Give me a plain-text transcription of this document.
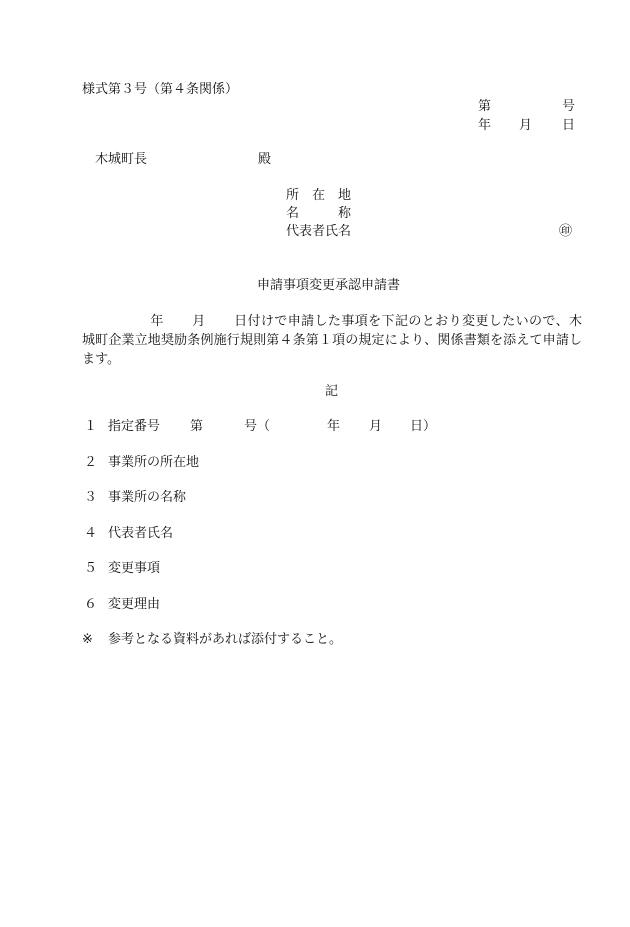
様式第３号（第４条関係）
第	号
年 月 日
木城町長	殿
所　在　地
名　　　称
代表者氏名	㊞
申請事項変更承認申請書
年 月 日付けで申請した事項を下記のとおり変更したいので、木城町企業立地奨励条例施行規則第４条第１項の規定により、関係書類を添えて申請します。
記
１ 指定番号 第	号（	年 月 日）
２ 事業所の所在地
３ 事業所の名称
４ 代表者氏名
５ 変更事項
６ 変更理由
※ 参考となる資料があれば添付すること。
